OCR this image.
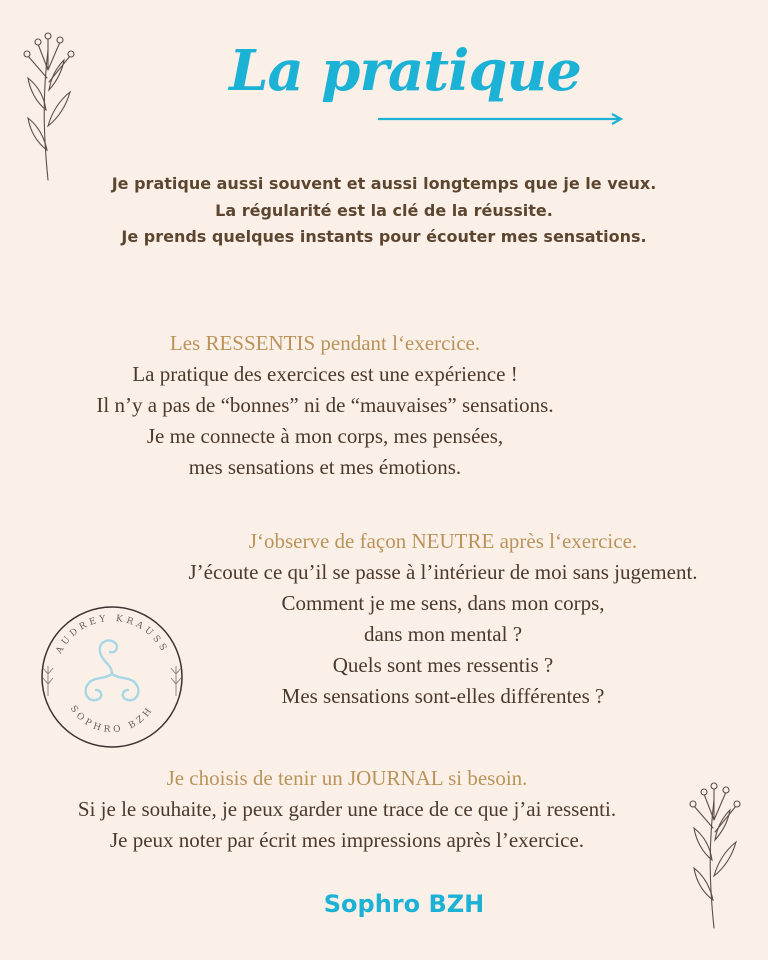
La pratique
Je pratique aussi souvent et aussi longtemps que je le veux.
La régularité est la clé de la réussite.
Je prends quelques instants pour écouter mes sensations.
Les RESSENTIS pendant l‘exercice.
La pratique des exercices est une expérience !
Il n’y a pas de “bonnes” ni de “mauvaises” sensations.
Je me connecte à mon corps, mes pensées,
mes sensations et mes émotions.
J‘observe de façon NEUTRE après l‘exercice.
J’écoute ce qu’il se passe à l’intérieur de moi sans jugement.
Comment je me sens, dans mon corps,
dans mon mental ?
Quels sont mes ressentis ?
Mes sensations sont-elles différentes ?
AUDREY KRAUSS
SOPHRO BZH
Je choisis de tenir un JOURNAL si besoin.
Si je le souhaite, je peux garder une trace de ce que j’ai ressenti.
Je peux noter par écrit mes impressions après l’exercice.
Sophro BZH
